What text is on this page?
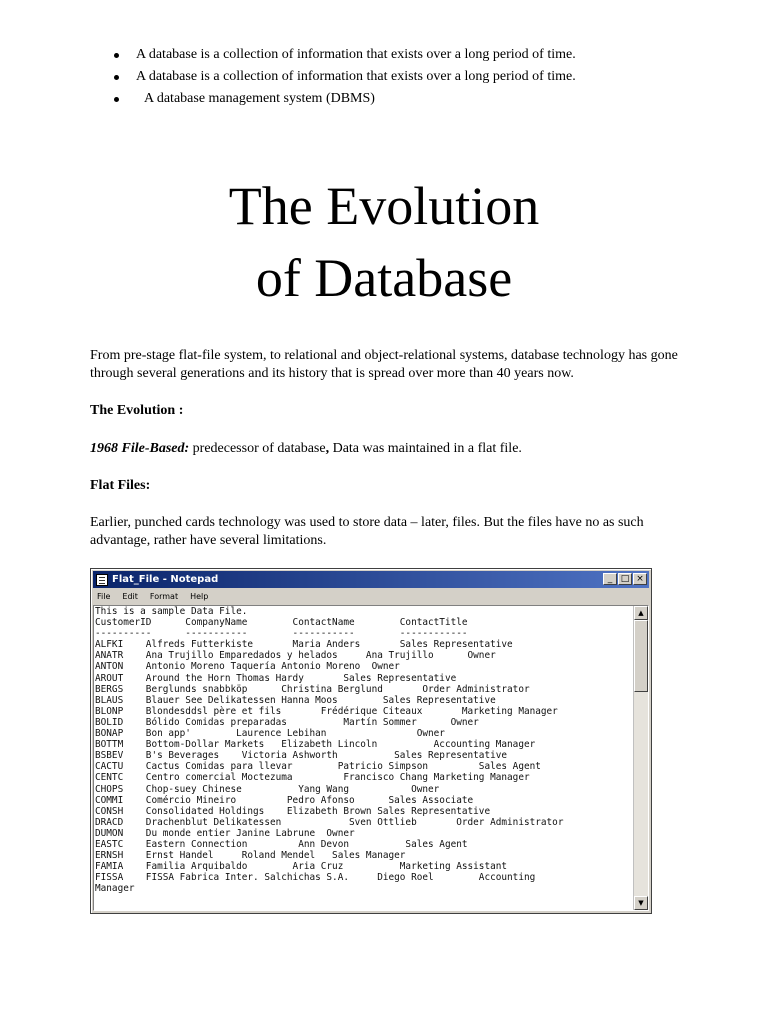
A database is a collection of information that exists over a long period of time.
A database is a collection of information that exists over a long period of time.
A database management system (DBMS)
The Evolution
of Database

From pre-stage flat-file system, to relational and object-relational systems, database technology has gone through several generations and its history that is spread over more than 40 years now.

The Evolution :

1968 File-Based: predecessor of database, Data was maintained in a flat file.

Flat Files:

Earlier, punched cards technology was used to store data – later, files. But the files have no as such advantage, rather have several limitations.

Flat_File - Notepad	_ □ ×
File Edit Format Help
This is a sample Data File.
CustomerID      CompanyName        ContactName        ContactTitle
----------      -----------        -----------        ------------
ALFKI    Alfreds Futterkiste       Maria Anders       Sales Representative
ANATR    Ana Trujillo Emparedados y helados     Ana Trujillo      Owner
ANTON    Antonio Moreno Taquería Antonio Moreno  Owner
AROUT    Around the Horn Thomas Hardy       Sales Representative
BERGS    Berglunds snabbköp      Christina Berglund       Order Administrator
BLAUS    Blauer See Delikatessen Hanna Moos        Sales Representative
BLONP    Blondesddsl père et fils       Frédérique Citeaux       Marketing Manager
BOLID    Bólido Comidas preparadas          Martín Sommer      Owner
BONAP    Bon app'        Laurence Lebihan                Owner
BOTTM    Bottom-Dollar Markets   Elizabeth Lincoln          Accounting Manager
BSBEV    B's Beverages    Victoria Ashworth          Sales Representative
CACTU    Cactus Comidas para llevar        Patricio Simpson         Sales Agent
CENTC    Centro comercial Moctezuma         Francisco Chang Marketing Manager
CHOPS    Chop-suey Chinese          Yang Wang           Owner
COMMI    Comércio Mineiro         Pedro Afonso      Sales Associate
CONSH    Consolidated Holdings    Elizabeth Brown Sales Representative
DRACD    Drachenblut Delikatessen            Sven Ottlieb       Order Administrator
DUMON    Du monde entier Janine Labrune  Owner
EASTC    Eastern Connection         Ann Devon          Sales Agent
ERNSH    Ernst Handel     Roland Mendel   Sales Manager
FAMIA    Familia Arquibaldo        Aria Cruz          Marketing Assistant
FISSA    FISSA Fabrica Inter. Salchichas S.A.     Diego Roel        Accounting
Manager
▲
▼
